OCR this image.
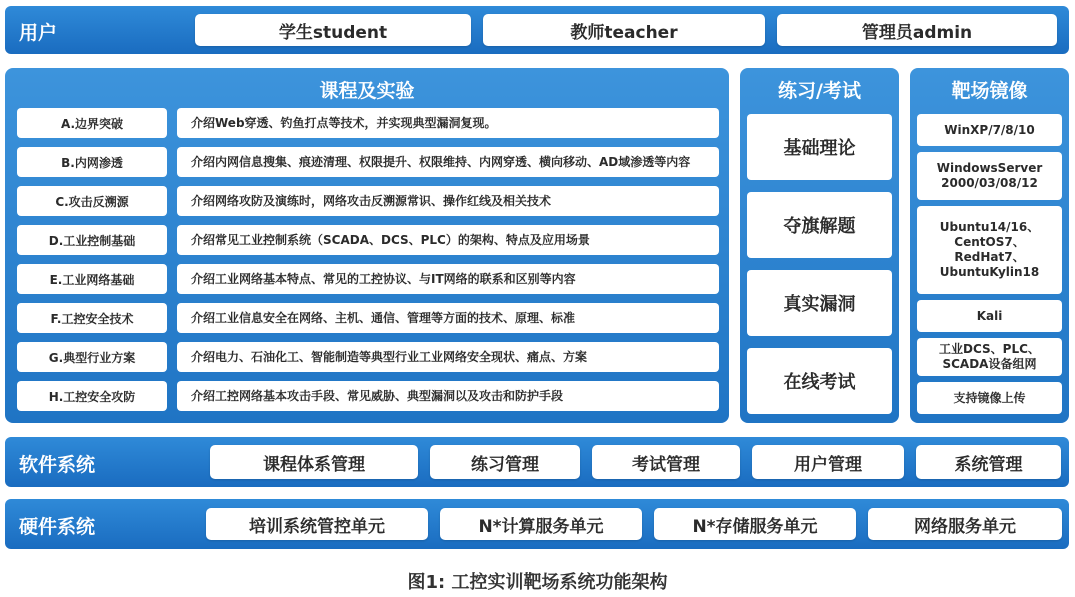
用户	学生student	教师teacher	管理员admin
课程及实验
A.边界突破	介绍Web穿透、钓鱼打点等技术，并实现典型漏洞复现。
B.内网渗透	介绍内网信息搜集、痕迹清理、权限提升、权限维持、内网穿透、横向移动、AD域渗透等内容
C.攻击反溯源	介绍网络攻防及演练时，网络攻击反溯源常识、操作红线及相关技术
D.工业控制基础	介绍常见工业控制系统（SCADA、DCS、PLC）的架构、特点及应用场景
E.工业网络基础	介绍工业网络基本特点、常见的工控协议、与IT网络的联系和区别等内容
F.工控安全技术	介绍工业信息安全在网络、主机、通信、管理等方面的技术、原理、标准
G.典型行业方案	介绍电力、石油化工、智能制造等典型行业工业网络安全现状、痛点、方案
H.工控安全攻防	介绍工控网络基本攻击手段、常见威胁、典型漏洞以及攻击和防护手段
练习/考试
基础理论
夺旗解题
真实漏洞
在线考试
靶场镜像
WinXP/7/8/10
WindowsServer
2000/03/08/12
Ubuntu14/16、
CentOS7、
RedHat7、
UbuntuKylin18
Kali
工业DCS、PLC、
SCADA设备组网
支持镜像上传
软件系统	课程体系管理	练习管理	考试管理	用户管理	系统管理
硬件系统	培训系统管控单元	N*计算服务单元	N*存储服务单元	网络服务单元
图1: 工控实训靶场系统功能架构
